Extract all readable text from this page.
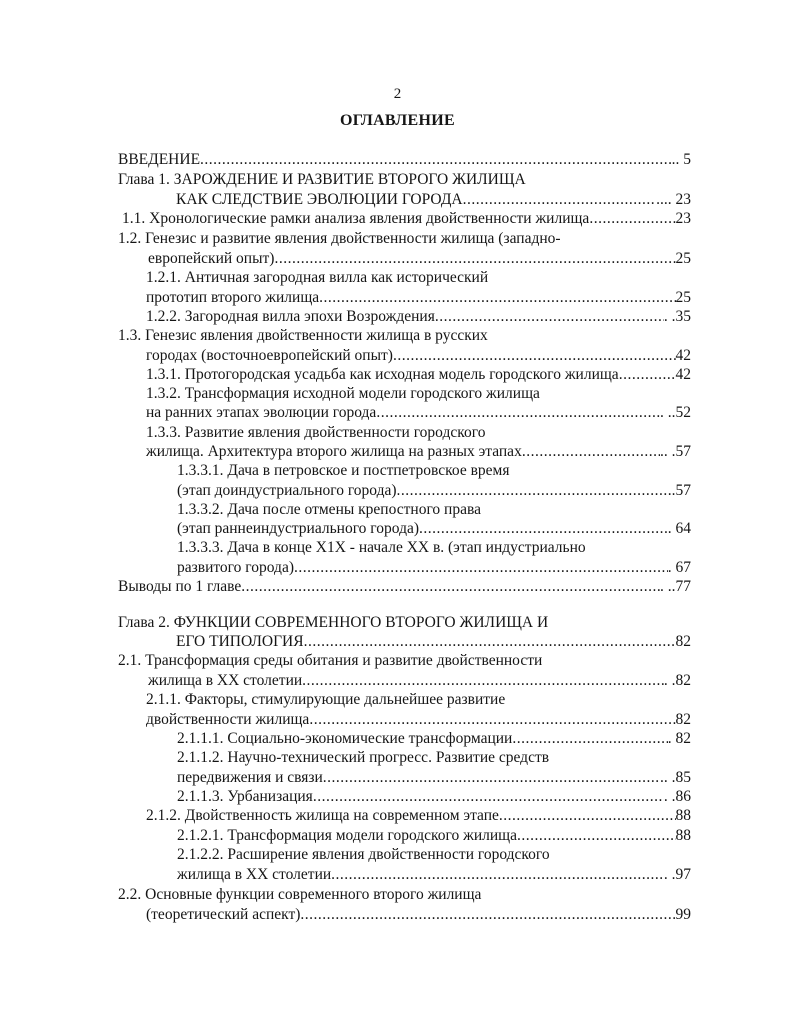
2
ОГЛАВЛЕНИЕ
ВВЕДЕНИЕ .....	.. 5
Глава 1. ЗАРОЖДЕНИЕ И РАЗВИТИЕ ВТОРОГО ЖИЛИЩА
КАК СЛЕДСТВИЕ ЭВОЛЮЦИИ ГОРОДА .....	.... 23
1.1. Хронологические рамки анализа явления двойственности жилища .....	23
1.2. Генезис и развитие явления двойственности жилища (западно-
европейский опыт) .....	25
1.2.1. Античная загородная вилла как исторический
прототип второго жилища .....	25
1.2.2. Загородная вилла эпохи Возрождения .....	. .35
1.3. Генезис явления двойственности жилища в русских
городах (восточноевропейский опыт) .....	42
1.3.1. Протогородская усадьба как исходная модель городского жилища .....	42
1.3.2. Трансформация исходной модели городского жилища
на ранних этапах эволюции города .....	. ..52
1.3.3. Развитие явления двойственности городского
жилища. Архитектура второго жилища на разных этапах .....	.. .57
1.3.3.1. Дача в петровское и постпетровское время
(этап доиндустриального города) .....	.57
1.3.3.2. Дача после отмены крепостного права
(этап раннеиндустриального города) .....	. 64
1.3.3.3. Дача в конце X1X - начале XX в. (этап индустриально
развитого города) .....	. 67
Выводы по 1 главе .....	. ..77
Глава 2. ФУНКЦИИ СОВРЕМЕННОГО ВТОРОГО ЖИЛИЩА И
ЕГО ТИПОЛОГИЯ .....	82
2.1. Трансформация среды обитания и развитие двойственности
жилища в XX столетии .....	. .82
2.1.1. Факторы, стимулирующие дальнейшее развитие
двойственности жилища .....	82
2.1.1.1. Социально-экономические трансформации .....	. 82
2.1.1.2. Научно-технический прогресс. Развитие средств
передвижения и связи .....	.. .85
2.1.1.3. Урбанизация .....	. .86
2.1.2. Двойственность жилища на современном этапе .....	88
2.1.2.1. Трансформация модели городского жилища .....	88
2.1.2.2. Расширение явления двойственности городского
жилища в XX столетии .....	. .97
2.2. Основные функции современного второго жилища
(теоретический аспект) .....	99
